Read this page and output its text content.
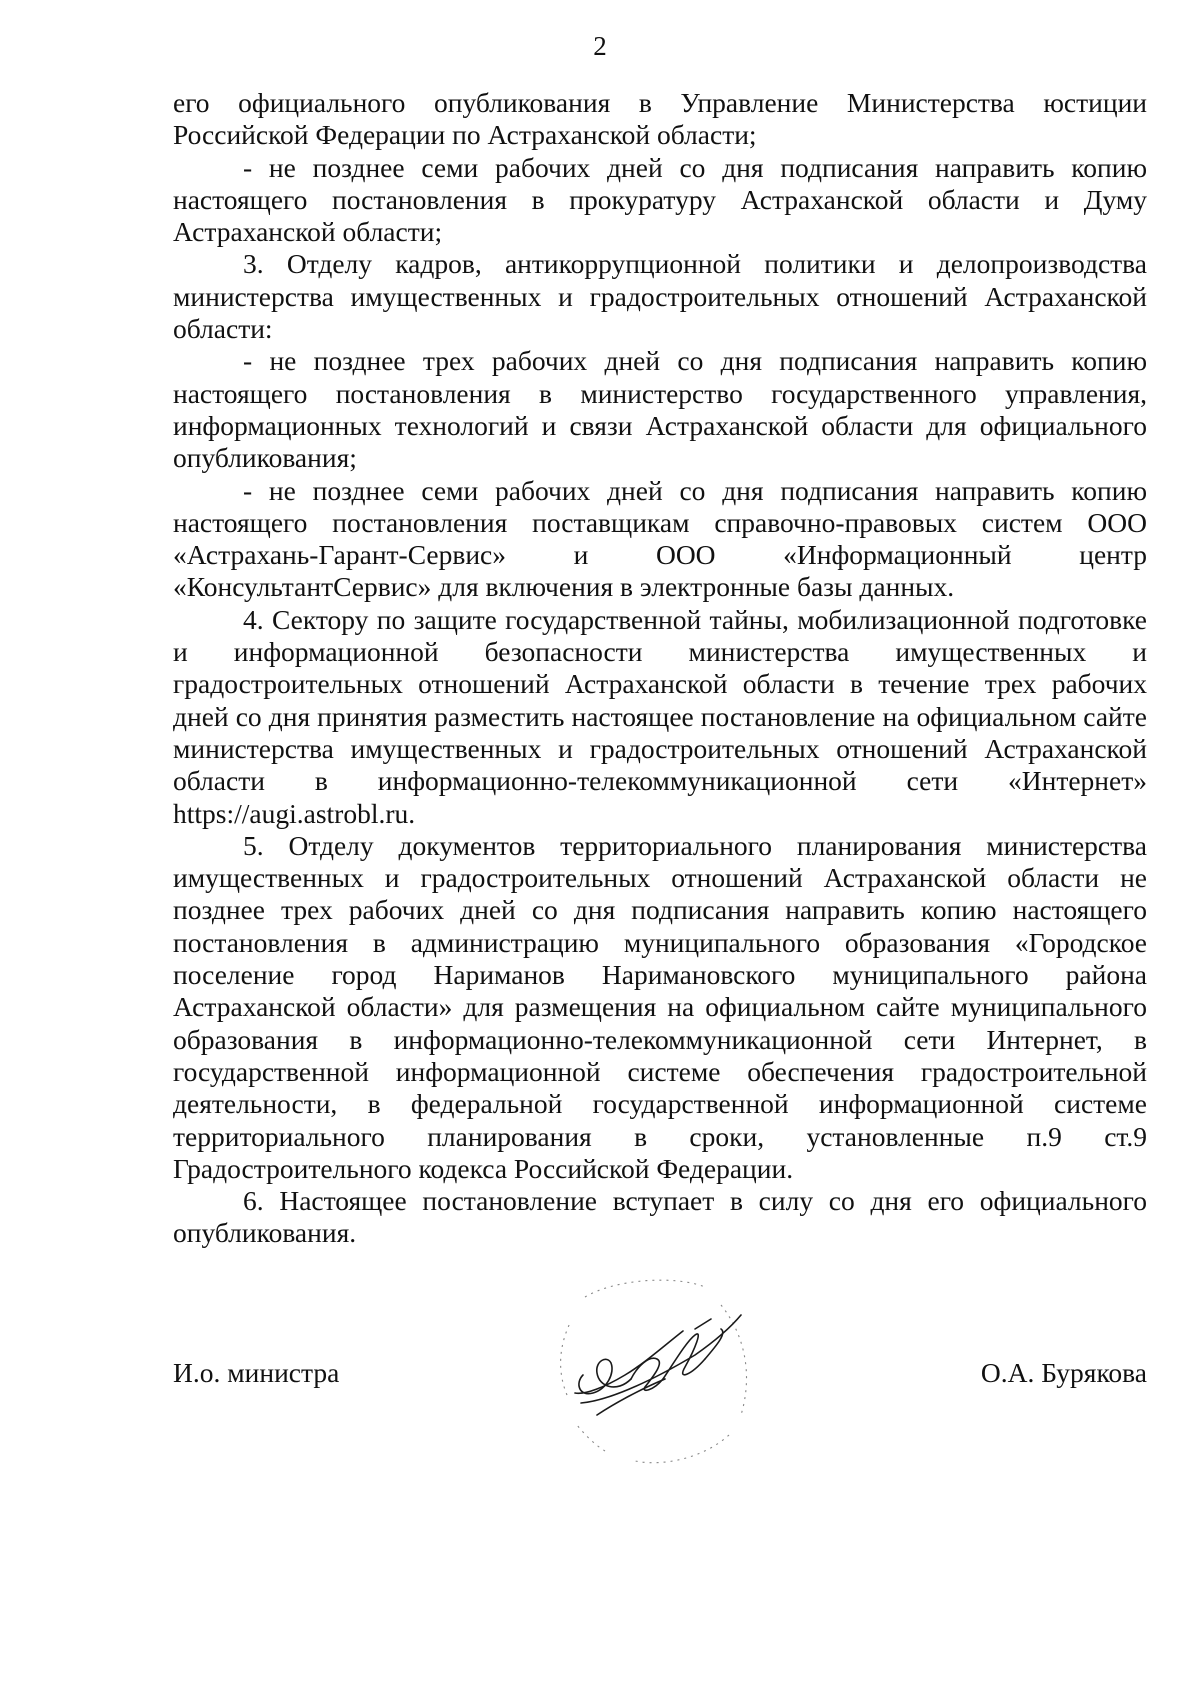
2

его официального опубликования в Управление Министерства юстиции Российской Федерации по Астраханской области;

- не позднее семи рабочих дней со дня подписания направить копию настоящего постановления в прокуратуру Астраханской области и Думу Астраханской области;

3. Отделу кадров, антикоррупционной политики и делопроизводства министерства имущественных и градостроительных отношений Астраханской области:

- не позднее трех рабочих дней со дня подписания направить копию настоящего постановления в министерство государственного управления, информационных технологий и связи Астраханской области для официального опубликования;

- не позднее семи рабочих дней со дня подписания направить копию настоящего постановления поставщикам справочно-правовых систем ООО «Астрахань-Гарант-Сервис» и ООО «Информационный центр «КонсультантСервис» для включения в электронные базы данных.

4. Сектору по защите государственной тайны, мобилизационной подготовке и информационной безопасности министерства имущественных и градостроительных отношений Астраханской области в течение трех рабочих дней со дня принятия разместить настоящее постановление на официальном сайте министерства имущественных и градостроительных отношений Астраханской области в информационно-телекоммуникационной сети «Интернет» https://augi.astrobl.ru.

5. Отделу документов территориального планирования министерства имущественных и градостроительных отношений Астраханской области не позднее трех рабочих дней со дня подписания направить копию настоящего постановления в администрацию муниципального образования «Городское поселение город Нариманов Наримановского муниципального района Астраханской области» для размещения на официальном сайте муниципального образования в информационно-телекоммуникационной сети Интернет, в государственной информационной системе обеспечения градостроительной деятельности, в федеральной государственной информационной системе территориального планирования в сроки, установленные п.9 ст.9 Градостроительного кодекса Российской Федерации.

6. Настоящее постановление вступает в силу со дня его официального опубликования.

И.о. министра	О.А. Бурякова
